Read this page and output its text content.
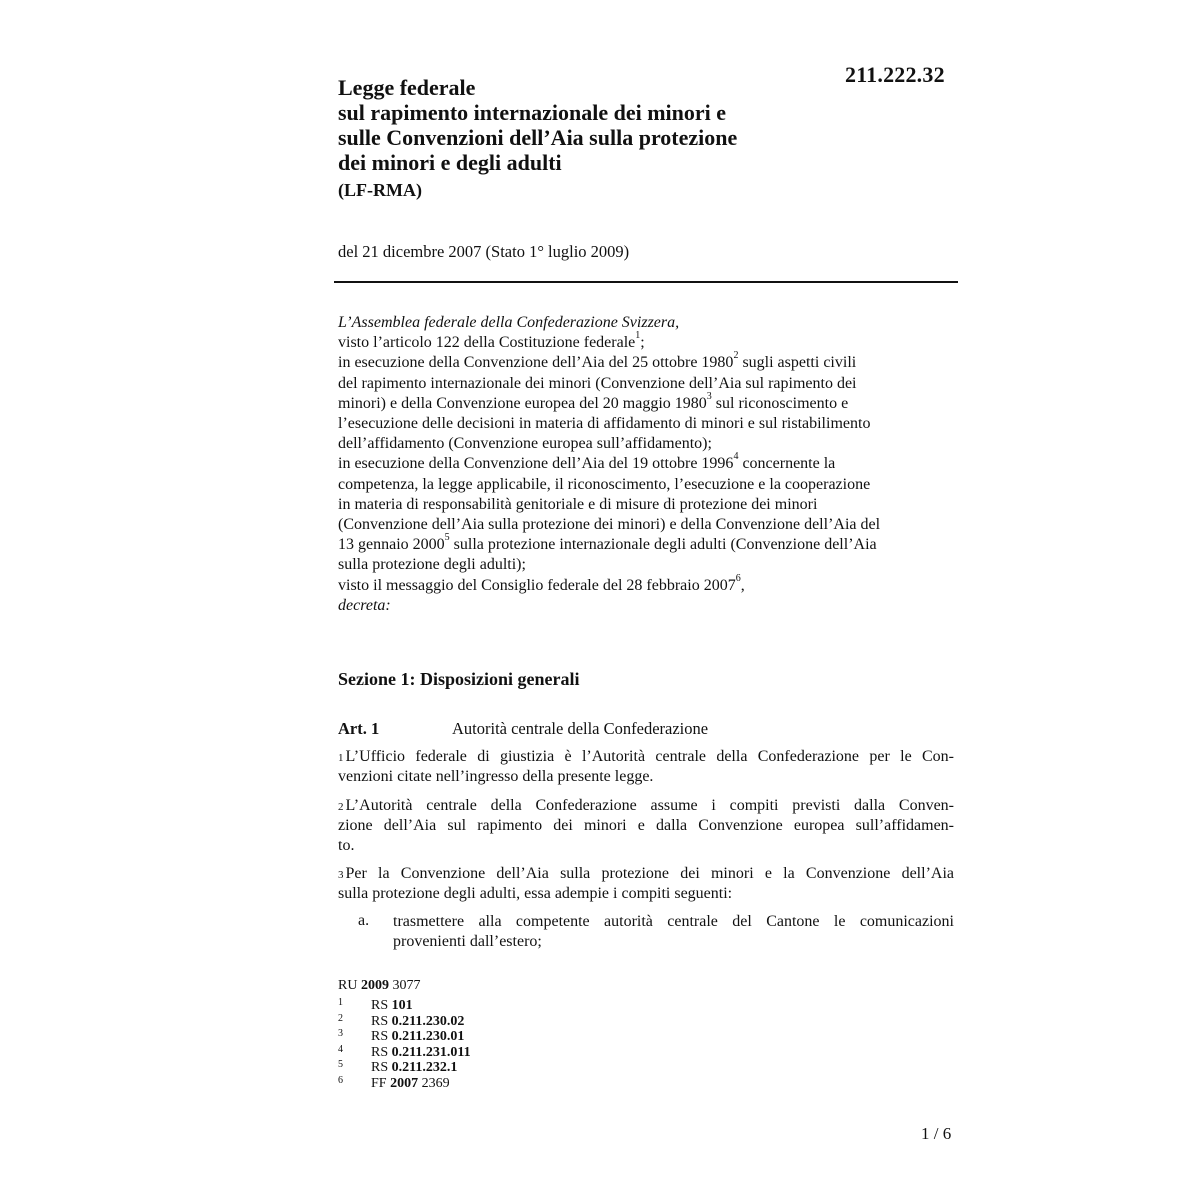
211.222.32
Legge federale
sul rapimento internazionale dei minori e
sulle Convenzioni dell’Aia sulla protezione
dei minori e degli adulti
(LF-RMA)
del 21 dicembre 2007 (Stato 1° luglio 2009)
L’Assemblea federale della Confederazione Svizzera,
visto l’articolo 122 della Costituzione federale$^1$;
in esecuzione della Convenzione dell’Aia del 25 ottobre 1980$^2$ sugli aspetti civili
del rapimento internazionale dei minori (Convenzione dell’Aia sul rapimento dei
minori) e della Convenzione europea del 20 maggio 1980$^3$ sul riconoscimento e
l’esecuzione delle decisioni in materia di affidamento di minori e sul ristabilimento
dell’affidamento (Convenzione europea sull’affidamento);
in esecuzione della Convenzione dell’Aia del 19 ottobre 1996$^4$ concernente la
competenza, la legge applicabile, il riconoscimento, l’esecuzione e la cooperazione
in materia di responsabilità genitoriale e di misure di protezione dei minori
(Convenzione dell’Aia sulla protezione dei minori) e della Convenzione dell’Aia del
13 gennaio 2000$^5$ sulla protezione internazionale degli adulti (Convenzione dell’Aia
sulla protezione degli adulti);
visto il messaggio del Consiglio federale del 28 febbraio 2007$^6$,
decreta:
Sezione 1: Disposizioni generali
Art. 1	Autorità centrale della Confederazione
$^1$ L’Ufficio federale di giustizia è l’Autorità centrale della Confederazione per le Con-
venzioni citate nell’ingresso della presente legge.
$^2$ L’Autorità centrale della Confederazione assume i compiti previsti dalla Conven-
zione dell’Aia sul rapimento dei minori e dalla Convenzione europea sull’affidamen-
to.
$^3$ Per la Convenzione dell’Aia sulla protezione dei minori e la Convenzione dell’Aia
sulla protezione degli adulti, essa adempie i compiti seguenti:
a. trasmettere alla competente autorità centrale del Cantone le comunicazioni
provenienti dall’estero;
RU 2009 3077
1 RS 101
2 RS 0.211.230.02
3 RS 0.211.230.01
4 RS 0.211.231.011
5 RS 0.211.232.1
6 FF 2007 2369
1 / 6
